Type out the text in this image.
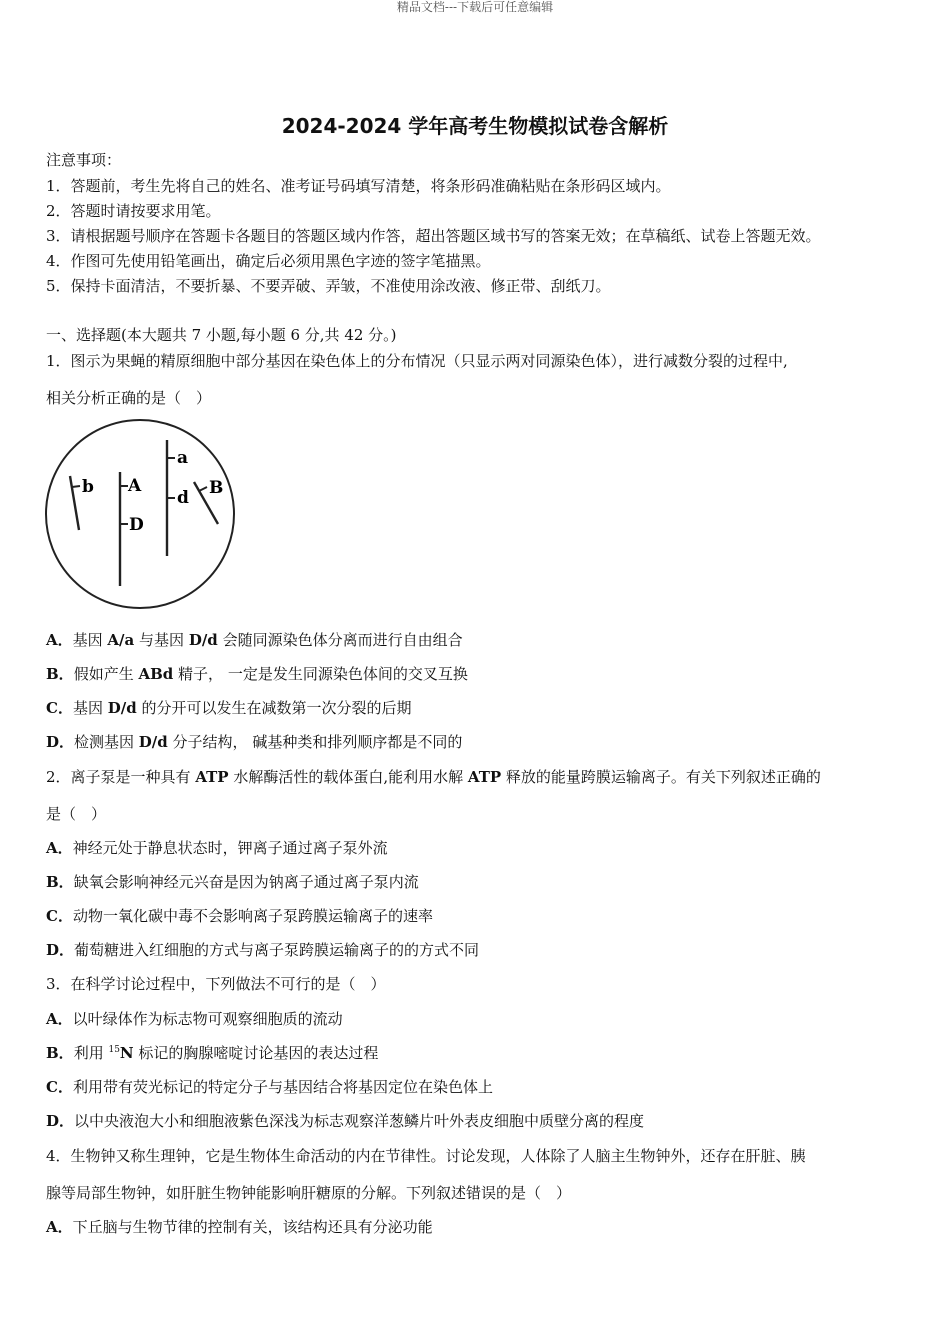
精品文档---下载后可任意编辑
2024-2024 学年高考生物模拟试卷含解析
注意事项：
1．答题前，考生先将自己的姓名、准考证号码填写清楚，将条形码准确粘贴在条形码区域内。
2．答题时请按要求用笔。
3．请根据题号顺序在答题卡各题目的答题区域内作答，超出答题区域书写的答案无效；在草稿纸、试卷上答题无效。
4．作图可先使用铅笔画出，确定后必须用黑色字迹的签字笔描黑。
5．保持卡面清洁，不要折暴、不要弄破、弄皱，不准使用涂改液、修正带、刮纸刀。
一、选择题(本大题共 7 小题,每小题 6 分,共 42 分。)
1．图示为果蝇的精原细胞中部分基因在染色体上的分布情况（只显示两对同源染色体），进行减数分裂的过程中,
相关分析正确的是（　）
b A
D
a
d B
A．基因 A/a 与基因 D/d 会随同源染色体分离而进行自由组合
B．假如产生 ABd 精子， 一定是发生同源染色体间的交叉互换
C．基因 D/d 的分开可以发生在减数第一次分裂的后期
D．检测基因 D/d 分子结构， 碱基种类和排列顺序都是不同的
2．离子泵是一种具有 ATP 水解酶活性的载体蛋白,能利用水解 ATP 释放的能量跨膜运输离子。有关下列叙述正确的
是（　）
A．神经元处于静息状态时，钾离子通过离子泵外流
B．缺氧会影响神经元兴奋是因为钠离子通过离子泵内流
C．动物一氧化碳中毒不会影响离子泵跨膜运输离子的速率
D．葡萄糖进入红细胞的方式与离子泵跨膜运输离子的的方式不同
3．在科学讨论过程中，下列做法不可行的是（　）
A．以叶绿体作为标志物可观察细胞质的流动
B．利用 $^{15}$N 标记的胸腺嘧啶讨论基因的表达过程
C．利用带有荧光标记的特定分子与基因结合将基因定位在染色体上
D．以中央液泡大小和细胞液紫色深浅为标志观察洋葱鳞片叶外表皮细胞中质壁分离的程度
4．生物钟又称生理钟，它是生物体生命活动的内在节律性。讨论发现，人体除了人脑主生物钟外，还存在肝脏、胰
腺等局部生物钟，如肝脏生物钟能影响肝糖原的分解。下列叙述错误的是（　）
A．下丘脑与生物节律的控制有关，该结构还具有分泌功能
